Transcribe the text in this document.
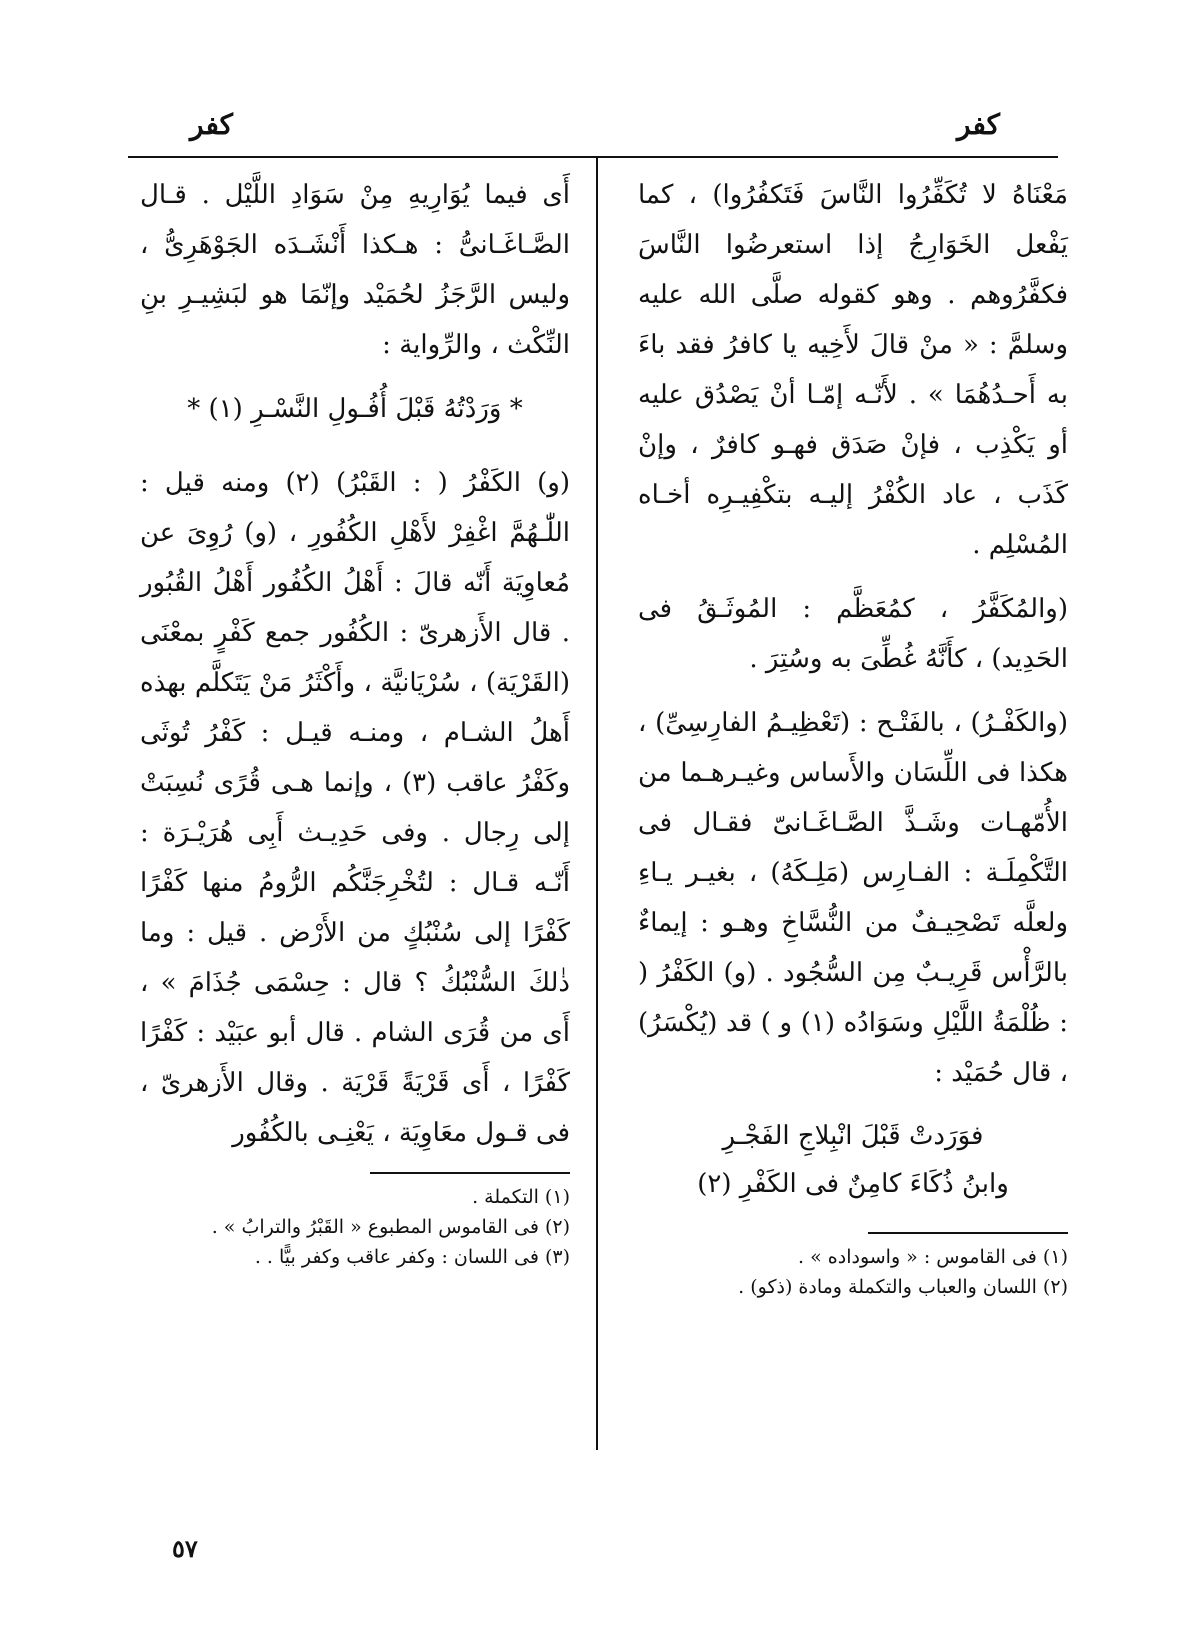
كفر
كفر

مَعْنَاهُ لا تُكَفِّرُوا النَّاسَ فَتَكفُرُوا) ، كما يَفْعل الخَوَارِجُ إذا استعرضُوا النَّاسَ فكفَّرُوهم . وهو كقوله صلَّى الله عليه وسلمَّ : « منْ قالَ لأَخِيه يا كافرُ فقد باءَ به أَحـدُهُمَا » . لأَنّـه إمّـا أنْ يَصْدُق عليه أو يَكْذِب ، فإنْ صَدَق فهـو كافرٌ ، وإنْ كَذَب ، عاد الكُفْرُ إليـه بتكْفِيـرِه أخـاه المُسْلِم .

(والمُكَفَّرُ ، كمُعَظَّم : المُوثَـقُ فى الحَدِيد) ، كأَنَّهُ غُطِّىَ به وسُتِرَ .

(والكَفْـرُ) ، بالفَتْـح : (تَعْظِيـمُ الفارِسِىِّ) ، هكذا فى اللِّسَان والأَساس وغيـرهـما من الأُمّهـات وشَـذَّ الصَّـاغَـانىّ فقـال فى التَّكْمِلَـة : الفـارِس (مَلِـكَهُ) ، بغيـر يـاءِ ولعلَّه تَصْحِيـفٌ من النُّسَّاخِ وهـو : إيماءٌ بالرَّأْس قَرِيـبٌ مِن السُّجُود . (و) الكَفْرُ ( : ظُلْمَةُ اللَّيْلِ وسَوَادُه (١) و ) قد (يُكْسَرُ) ، قال حُمَيْد :

فوَرَدتْ قَبْلَ انْبِلاجِ الفَجْـرِ
وابنُ ذُكَاءَ كامِنٌ فى الكَفْرِ (٢)
(١) فى القاموس : « واسوداده » .
(٢) اللسان والعباب والتكملة ومادة (ذكو) .

أَى فيما يُوَارِيهِ مِنْ سَوَادِ اللَّيْل . قـال الصَّـاغَـانىُّ : هـكذا أَنْشَـدَه الجَوْهَرِىُّ ، وليس الرَّجَزُ لحُمَيْد وإنّمَا هو لبَشِيـرِ بنِ النِّكْث ، والرِّواية :

* وَرَدْتُهُ قَبْلَ أُفُـولِ النَّسْـرِ (١) *

(و) الكَفْرُ ( : القَبْرُ) (٢) ومنه قيل : اللّٰـهُمَّ اغْفِرْ لأَهْلِ الكُفُورِ ، (و) رُوِىَ عن مُعاوِيَة أَنّه قالَ : أَهْلُ الكُفُور أَهْلُ القُبُور . قال الأَزهرىّ : الكُفُور جمع كَفْرٍ بمعْنَى (القَرْيَة) ، سُرْيَانيَّة ، وأَكْثَرُ مَنْ يَتَكلَّم بهذه أَهلُ الشـام ، ومنـه قيـل : كَفْرُ تُوثَى وكَفْرُ عاقب (٣) ، وإنما هـى قُرًى نُسِبَتْ إلى رِجال . وفى حَدِيـث أَبِى هُرَيْـرَة : أَنّـه قـال : لتُخْرِجَنَّكُم الرُّومُ منها كَفْرًا كَفْرًا إلى سُنْبُكٍ من الأَرْض . قيل : وما ذٰلكَ السُّنْبُكُ ؟ قال : حِسْمَى جُذَامَ » ، أَى من قُرَى الشام . قال أبو عبَيْد : كَفْرًا كَفْرًا ، أَى قَرْيَةً قَرْيَة . وقال الأَزهرىّ ، فى قـول معَاوِيَة ، يَعْنِـى بالكُفُور

(١) التكملة .
(٢) فى القاموس المطبوع « القَبْرُ والترابُ » .
(٣) فى اللسان : وكفر عاقب وكفر بيًّا . .
٥٧
